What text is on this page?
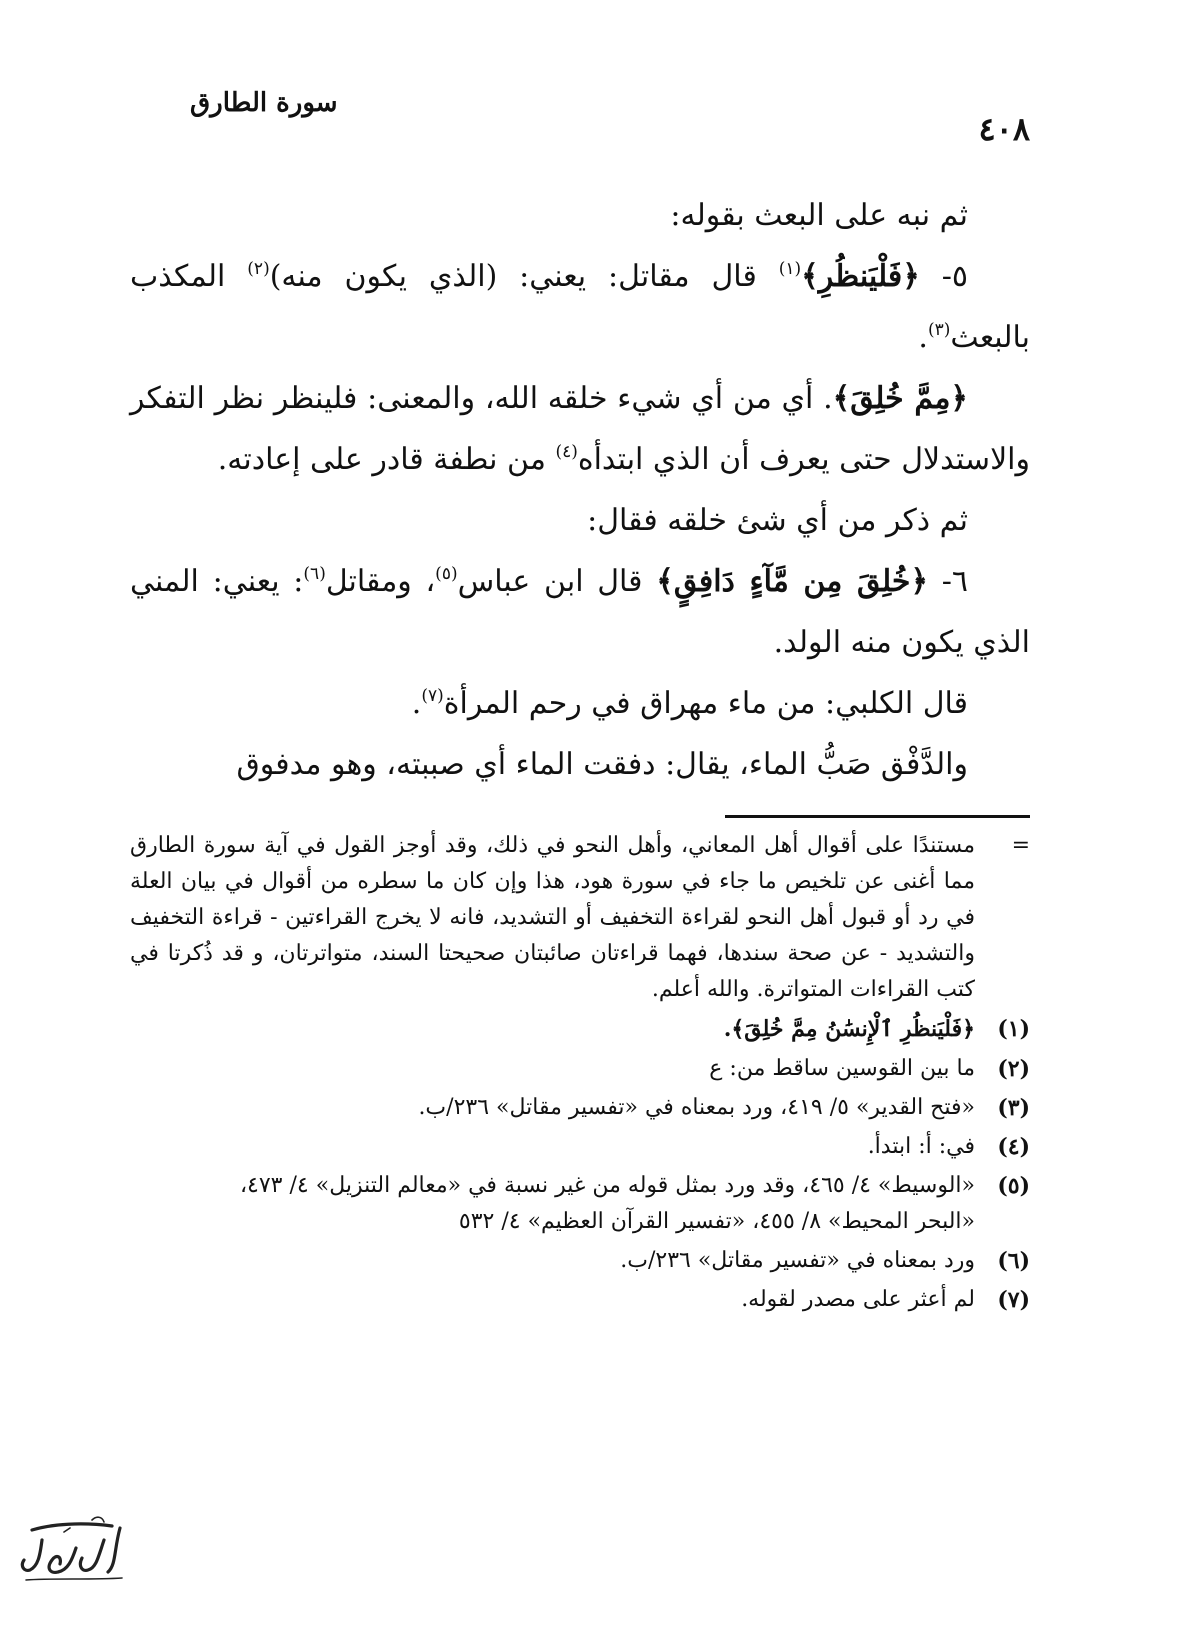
٤٠٨
سورة الطارق

ثم نبه على البعث بقوله:

٥- ﴿فَلْيَنظُرِ﴾$^{(١)}$ قال مقاتل: يعني: (الذي يكون منه)$^{(٢)}$ المكذب بالبعث$^{(٣)}$.

﴿مِمَّ خُلِقَ﴾. أي من أي شيء خلقه الله، والمعنى: فلينظر نظر التفكر والاستدلال حتى يعرف أن الذي ابتدأه$^{(٤)}$ من نطفة قادر على إعادته.

ثم ذكر من أي شئ خلقه فقال:

٦- ﴿خُلِقَ مِن مَّآءٍ دَافِقٍ﴾ قال ابن عباس$^{(٥)}$، ومقاتل$^{(٦)}$: يعني: المني الذي يكون منه الولد.

قال الكلبي: من ماء مهراق في رحم المرأة$^{(٧)}$.

والدَّفْق صَبُّ الماء، يقال: دفقت الماء أي صببته، وهو مدفوق

=
مستندًا على أقوال أهل المعاني، وأهل النحو في ذلك، وقد أوجز القول في آية سورة الطارق مما أغنى عن تلخيص ما جاء في سورة هود، هذا وإن كان ما سطره من أقوال في بيان العلة في رد أو قبول أهل النحو لقراءة التخفيف أو التشديد، فانه لا يخرج القراءتين - قراءة التخفيف والتشديد - عن صحة سندها، فهما قراءتان صائبتان صحيحتا السند، متواترتان، و قد ذُكرتا في كتب القراءات المتواترة. والله أعلم.
(١)
﴿فَلْيَنظُرِ ٱلْإِنسَٰنُ مِمَّ خُلِقَ﴾.
(٢)
ما بين القوسين ساقط من: ع
(٣)
«فتح القدير» ٥/ ٤١٩، ورد بمعناه في «تفسير مقاتل» ٢٣٦/ب.
(٤)
في: أ: ابتدأ.
(٥)
«الوسيط» ٤/ ٤٦٥، وقد ورد بمثل قوله من غير نسبة في «معالم التنزيل» ٤/ ٤٧٣،
«البحر المحيط» ٨/ ٤٥٥، «تفسير القرآن العظيم» ٤/ ٥٣٢
(٦)
ورد بمعناه في «تفسير مقاتل» ٢٣٦/ب.
(٧)
لم أعثر على مصدر لقوله.
